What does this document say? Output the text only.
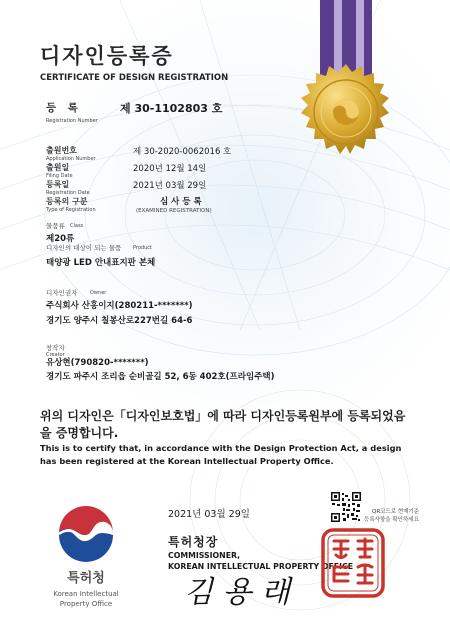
디자인등록증
CERTIFICATE OF DESIGN REGISTRATION
등 록
Registration Number
제 30-1102803 호
출원번호
Application Number
제 30-2020-0062016 호
출원일
Filing Date
2020년 12월 14일
등록일
Registration Date
2021년 03월 29일
등록의 구분
Type of Registration
심 사 등 록
(EXAMINED REGISTRATION)
물품류 Class
제20류
디자인의 대상이 되는 물품 Product
태양광 LED 안내표지판 본체
디자인권자	Owner
주식회사 산홍이지(280211-*******)
경기도 양주시 칠봉산로227번길 64-6
창작자
Creator
유상현(790820-*******)
경기도 파주시 조리읍 순비골길 52, 6동 402호(프라임주택)
위의 디자인은「디자인보호법」에 따라 디자인등록원부에 등록되었음을 증명합니다.
This is to certify that, in accordance with the Design Protection Act, a design has been registered at the Korean Intellectual Property Office.
2021년 03월 29일	QR코드로 현재기준
등록사항을 확인하세요
특허청장
COMMISSIONER,
KOREAN INTELLECTUAL PROPERTY OFFICE
김 용 래
특허청
Korean Intellectual Property Office
